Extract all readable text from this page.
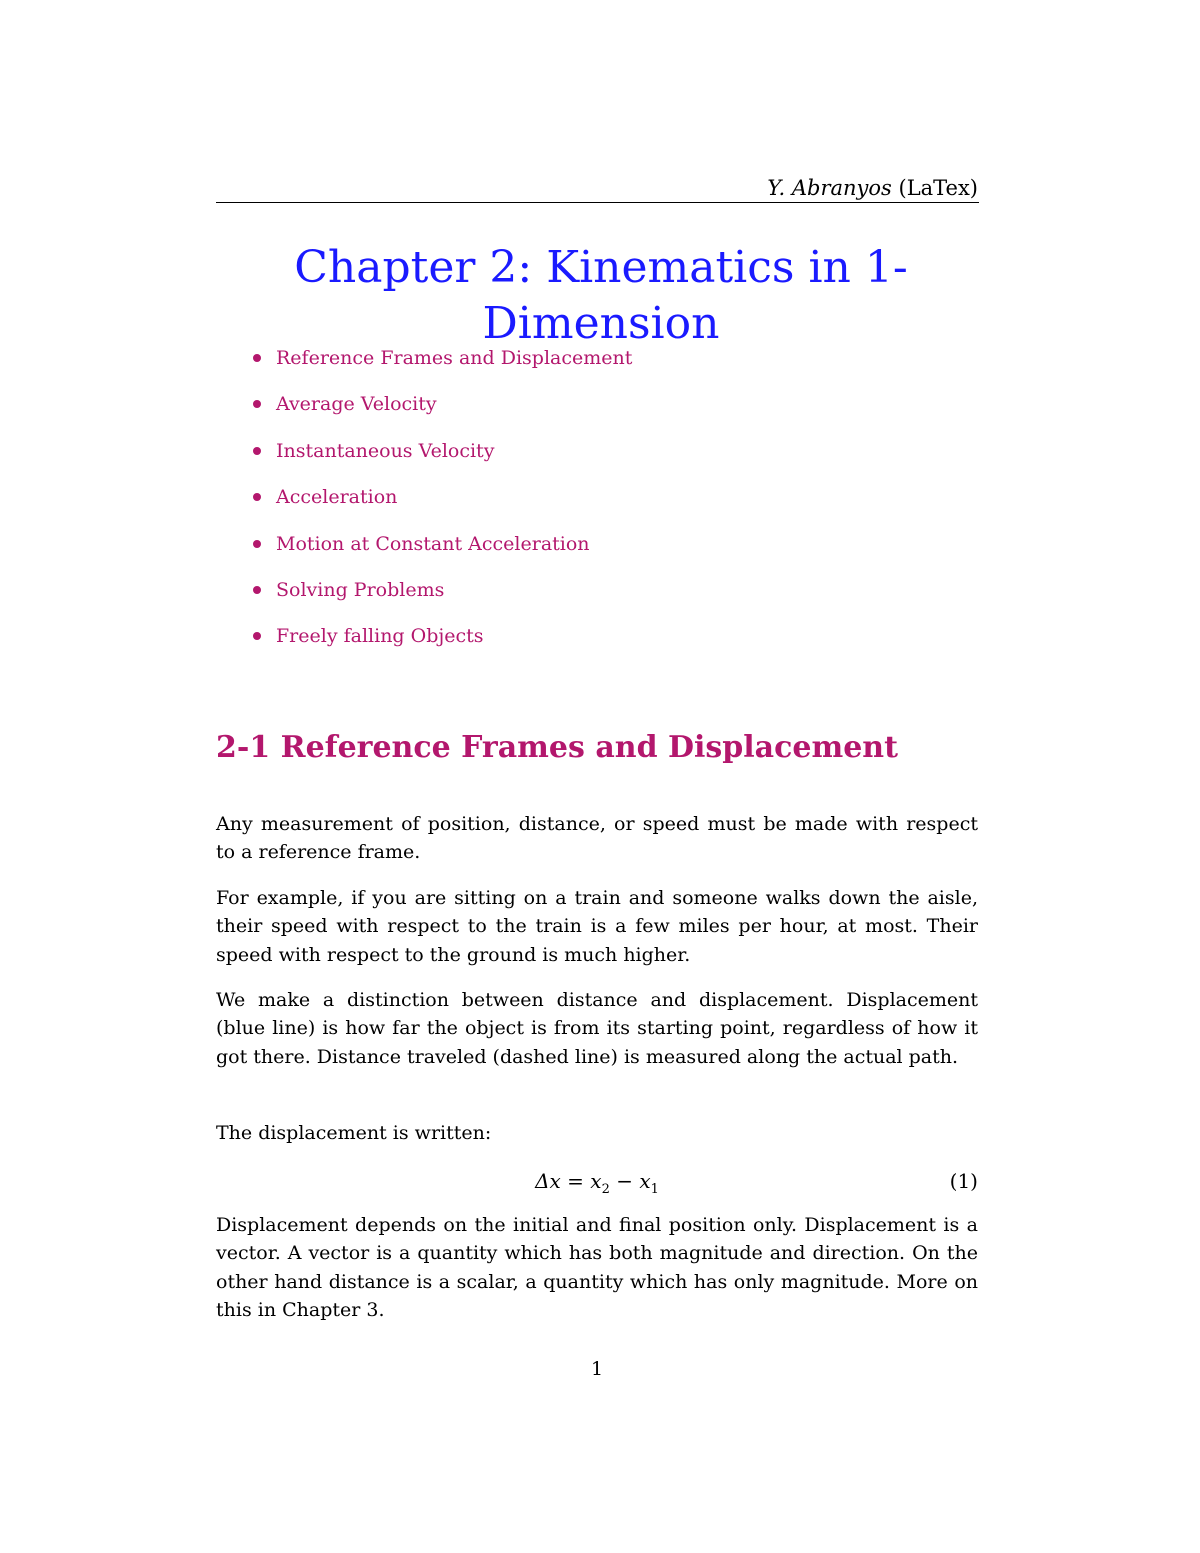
Y. Abranyos (LaTex)
Chapter 2: Kinematics in 1-Dimension
Reference Frames and Displacement
Average Velocity
Instantaneous Velocity
Acceleration
Motion at Constant Acceleration
Solving Problems
Freely falling Objects
2-1 Reference Frames and Displacement

Any measurement of position, distance, or speed must be made with respect to a reference frame.

For example, if you are sitting on a train and someone walks down the aisle, their speed with respect to the train is a few miles per hour, at most. Their speed with respect to the ground is much higher.

We make a distinction between distance and displacement. Displacement (blue line) is how far the object is from its starting point, regardless of how it got there. Distance traveled (dashed line) is measured along the actual path.

The displacement is written:

$\Delta x = x_2 - x_1$	(1)

Displacement depends on the initial and final position only. Displacement is a vector. A vector is a quantity which has both magnitude and direction. On the other hand distance is a scalar, a quantity which has only magnitude. More on this in Chapter 3.

1
